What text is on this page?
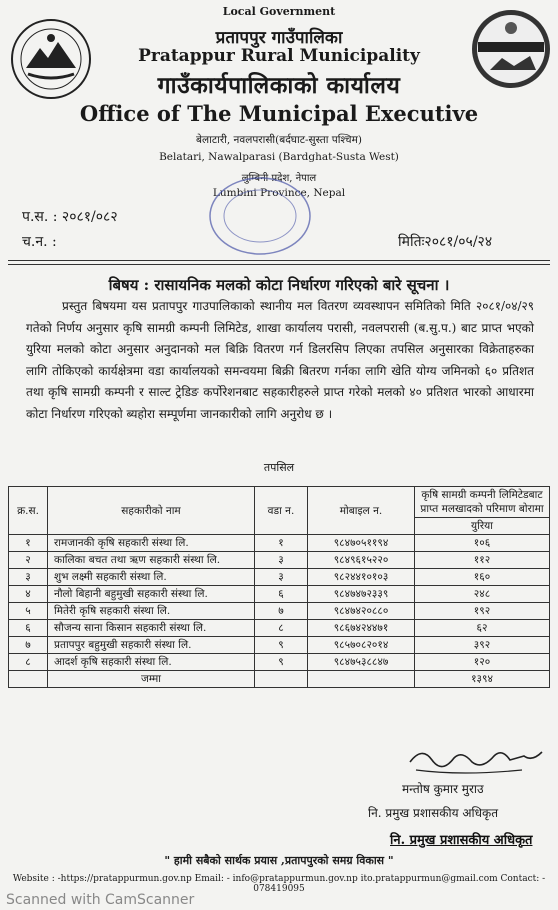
Local Government
प्रतापपुर गाउँपालिका
Pratappur Rural Municipality
गाउँकार्यपालिकाको कार्यालय
Office of The Municipal Executive
बेलाटारी, नवलपरासी(बर्दघाट-सुस्ता पश्चिम)
Belatari, Nawalparasi (Bardghat-Susta West)
लुम्बिनी प्रदेश, नेपाल
Lumbini Province, Nepal
प.स. : २०८१/०८२
च.न. :	मितिः२०८१/०५/२४
बिषय : रासायनिक मलको कोटा निर्धारण गरिएको बारे सूचना ।
प्रस्तुत बिषयमा यस प्रतापपुर गाउपालिकाको स्थानीय मल वितरण व्यवस्थापन समितिको मिति २०८१/०४/२९ गतेको निर्णय अनुसार कृषि सामग्री कम्पनी लिमिटेड, शाखा कार्यालय परासी, नवलपरासी (ब.सु.प.) बाट प्राप्त भएको युरिया मलको कोटा अनुसार अनुदानको मल बिक्रि वितरण गर्न डिलरसिप लिएका तपसिल अनुसारका विक्रेताहरुका लागि तोकिएको कार्यक्षेत्रमा वडा कार्यालयको समन्वयमा बिक्री बितरण गर्नका लागि खेति योग्य जमिनको ६० प्रतिशत तथा कृषि सामग्री कम्पनी र साल्ट ट्रेडिङ कर्पोरेशनबाट सहकारीहरुले प्राप्त गरेको मलको ४० प्रतिशत भारको आधारमा कोटा निर्धारण गरिएको ब्यहोरा सम्पूर्णमा जानकारीको लागि अनुरोध छ ।
तपसिल
क्र.स.	सहकारीको नाम	वडा न.	मोबाइल न.	कृषि सामग्री कम्पनी लिमिटेडबाट प्राप्त मलखादको परिमाण बोरामा
				युरिया
१	रामजानकी कृषि सहकारी संस्था लि.	१	९८४७०५११९४	१०६
२	कालिका बचत तथा ऋण सहकारी संस्था लि.	३	९८४९६१५२२०	११२
३	शुभ लक्ष्मी सहकारी संस्था लि.	३	९८२४४१०१०३	१६०
४	नौलो बिहानी बहुमुखी सहकारी संस्था लि.	६	९८४७४७२३३९	२४८
५	मितेरी कृषि सहकारी संस्था लि.	७	९८४७४२०८८०	१९२
६	सौजन्य साना किसान सहकारी संस्था लि.	८	९८६७४२४४७१	६२
७	प्रतापपुर बहुमुखी सहकारी संस्था लि.	९	९८५७०८२०१४	३९२
८	आदर्श कृषि सहकारी संस्था लि.	९	९८४७५३८८४७	१२०
	जम्मा			१३९४
मन्तोष कुमार मुराउ
नि. प्रमुख प्रशासकीय अधिकृत
नि. प्रमुख प्रशासकीय अधिकृत
" हामी सबैको सार्थक प्रयास ,प्रतापपुरको समग्र विकास "
Website : -https://pratappurmun.gov.np Email: - info@pratappurmun.gov.np ito.pratappurmun@gmail.com Contact: - 078419095
Scanned with CamScanner
